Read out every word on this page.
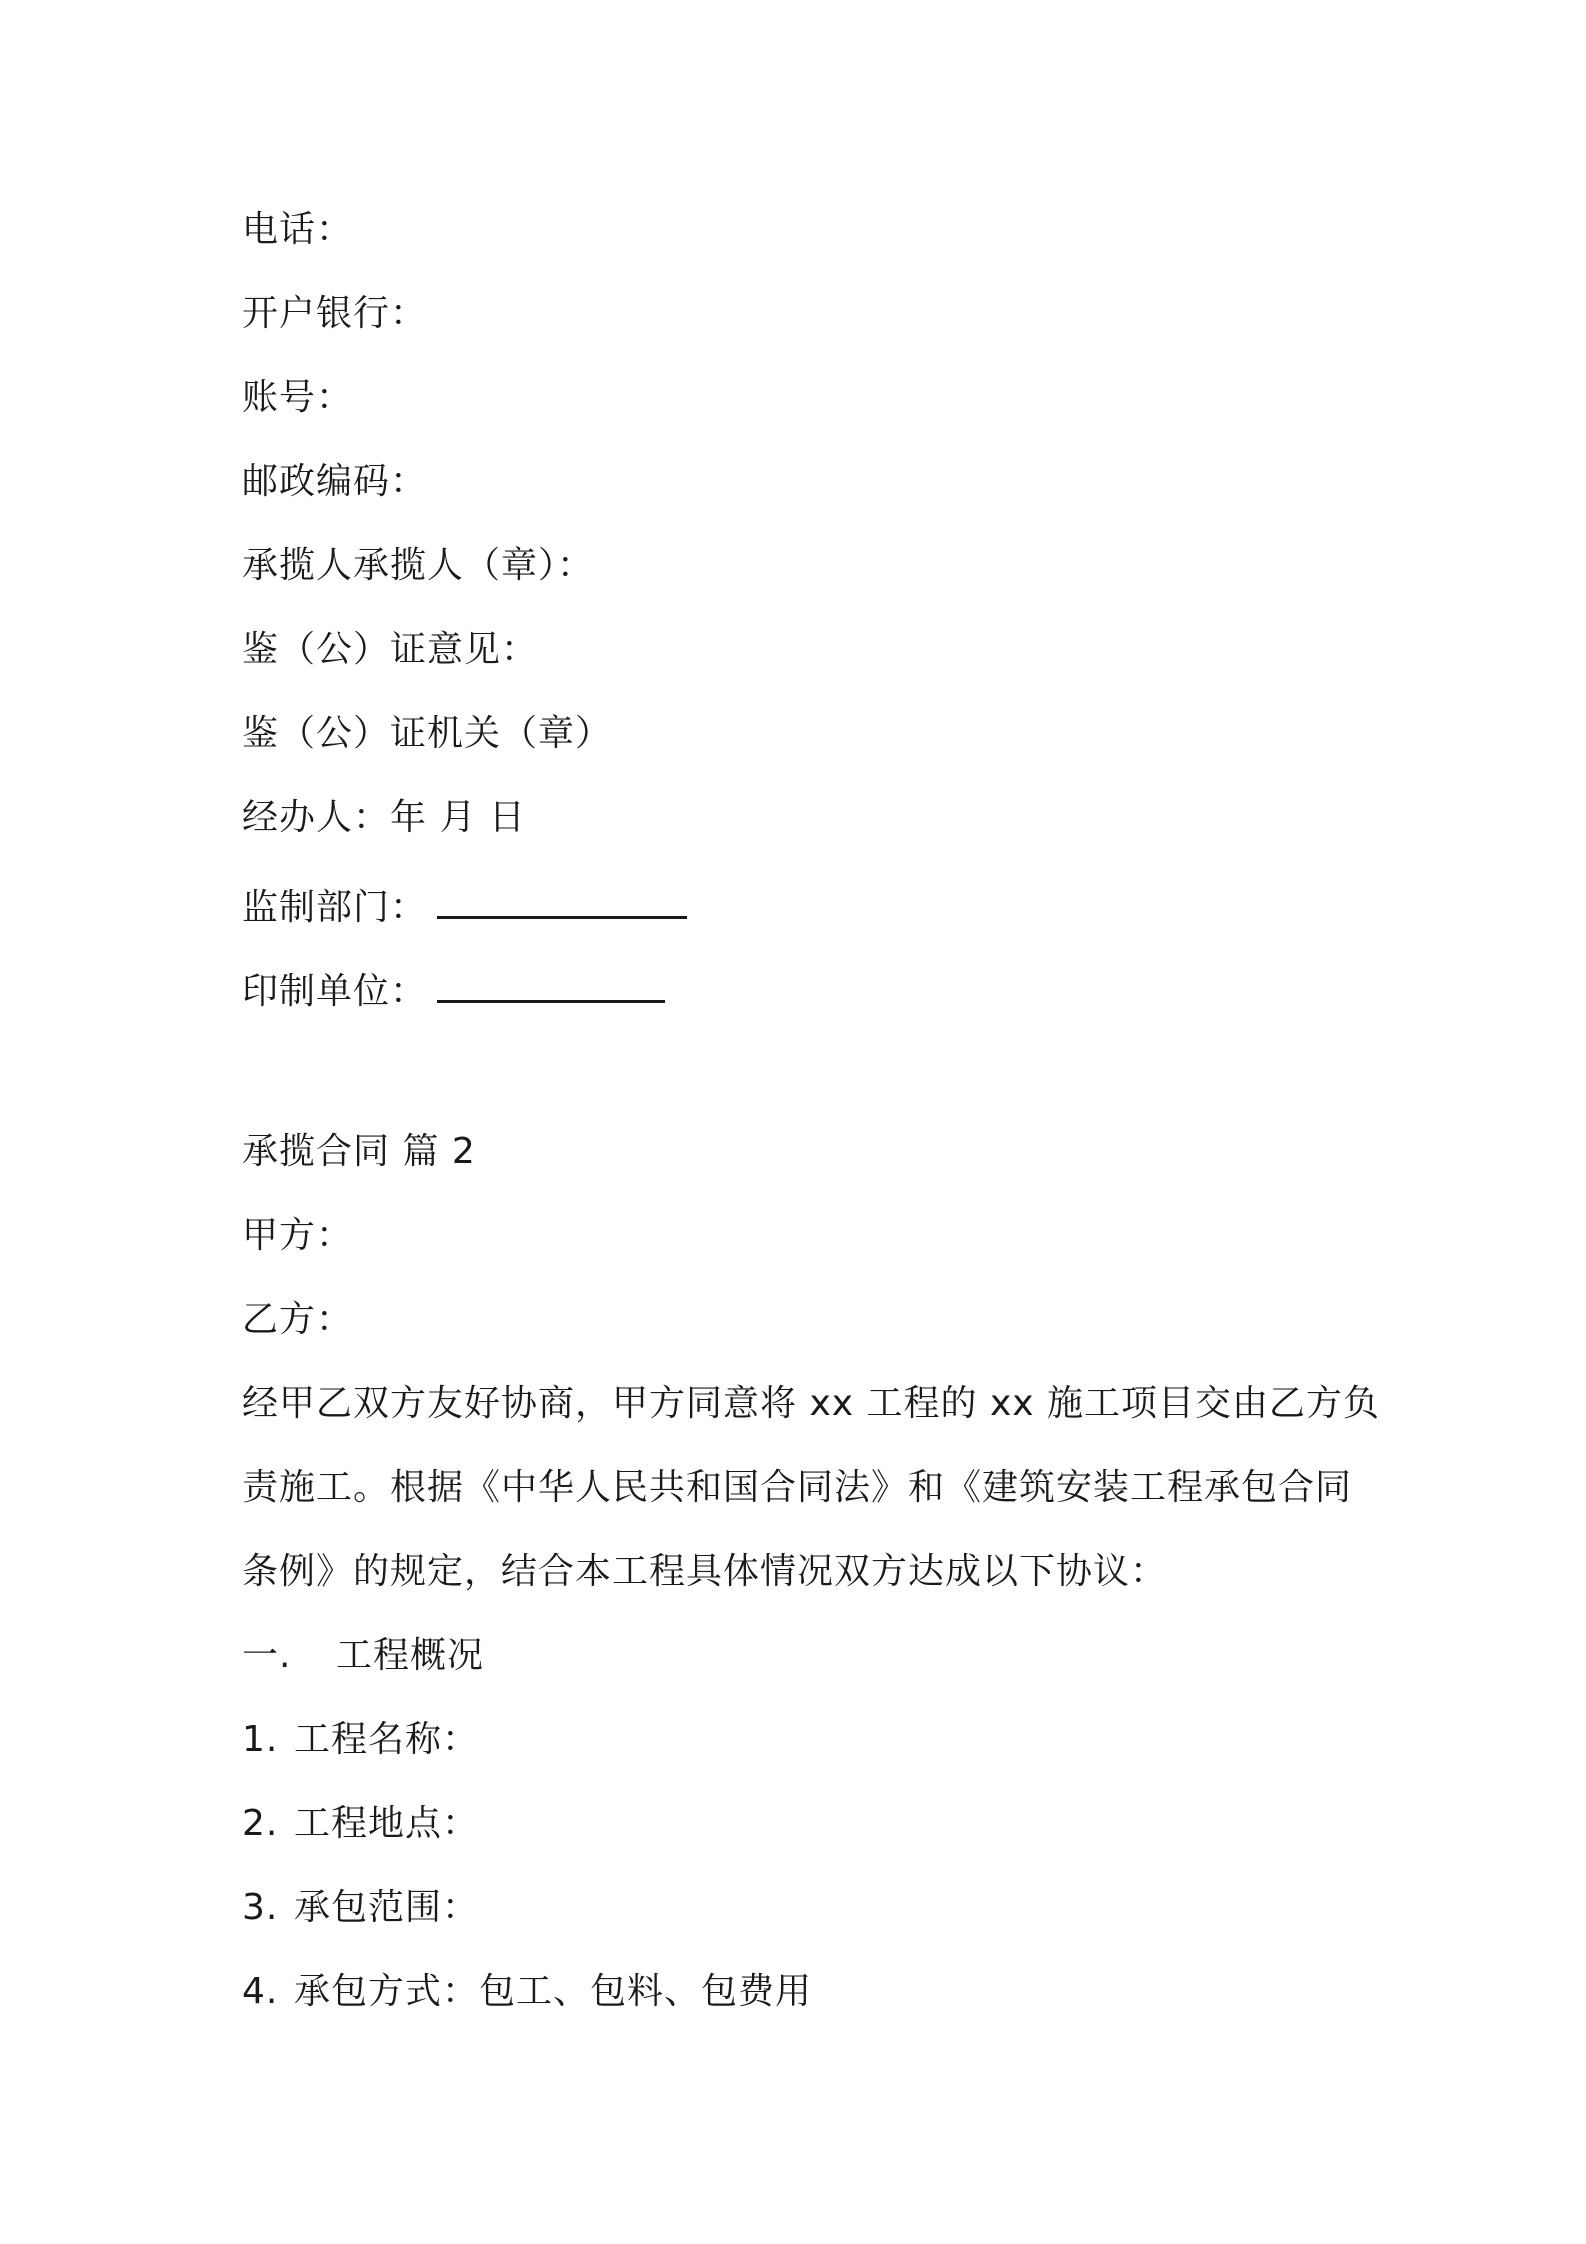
电话：
开户银行：
账号：
邮政编码：
承揽人承揽人（章）：
鉴（公）证意见：
鉴（公）证机关（章）
经办人：年 月 日
监制部门：
印制单位：
承揽合同 篇 2
甲方：
乙方：
经甲乙双方友好协商，甲方同意将 xx 工程的 xx 施工项目交由乙方负
责施工。根据《中华人民共和国合同法》和《建筑安装工程承包合同
条例》的规定，结合本工程具体情况双方达成以下协议：
一. 工程概况
1. 工程名称：
2. 工程地点：
3. 承包范围：
4. 承包方式：包工、包料、包费用
